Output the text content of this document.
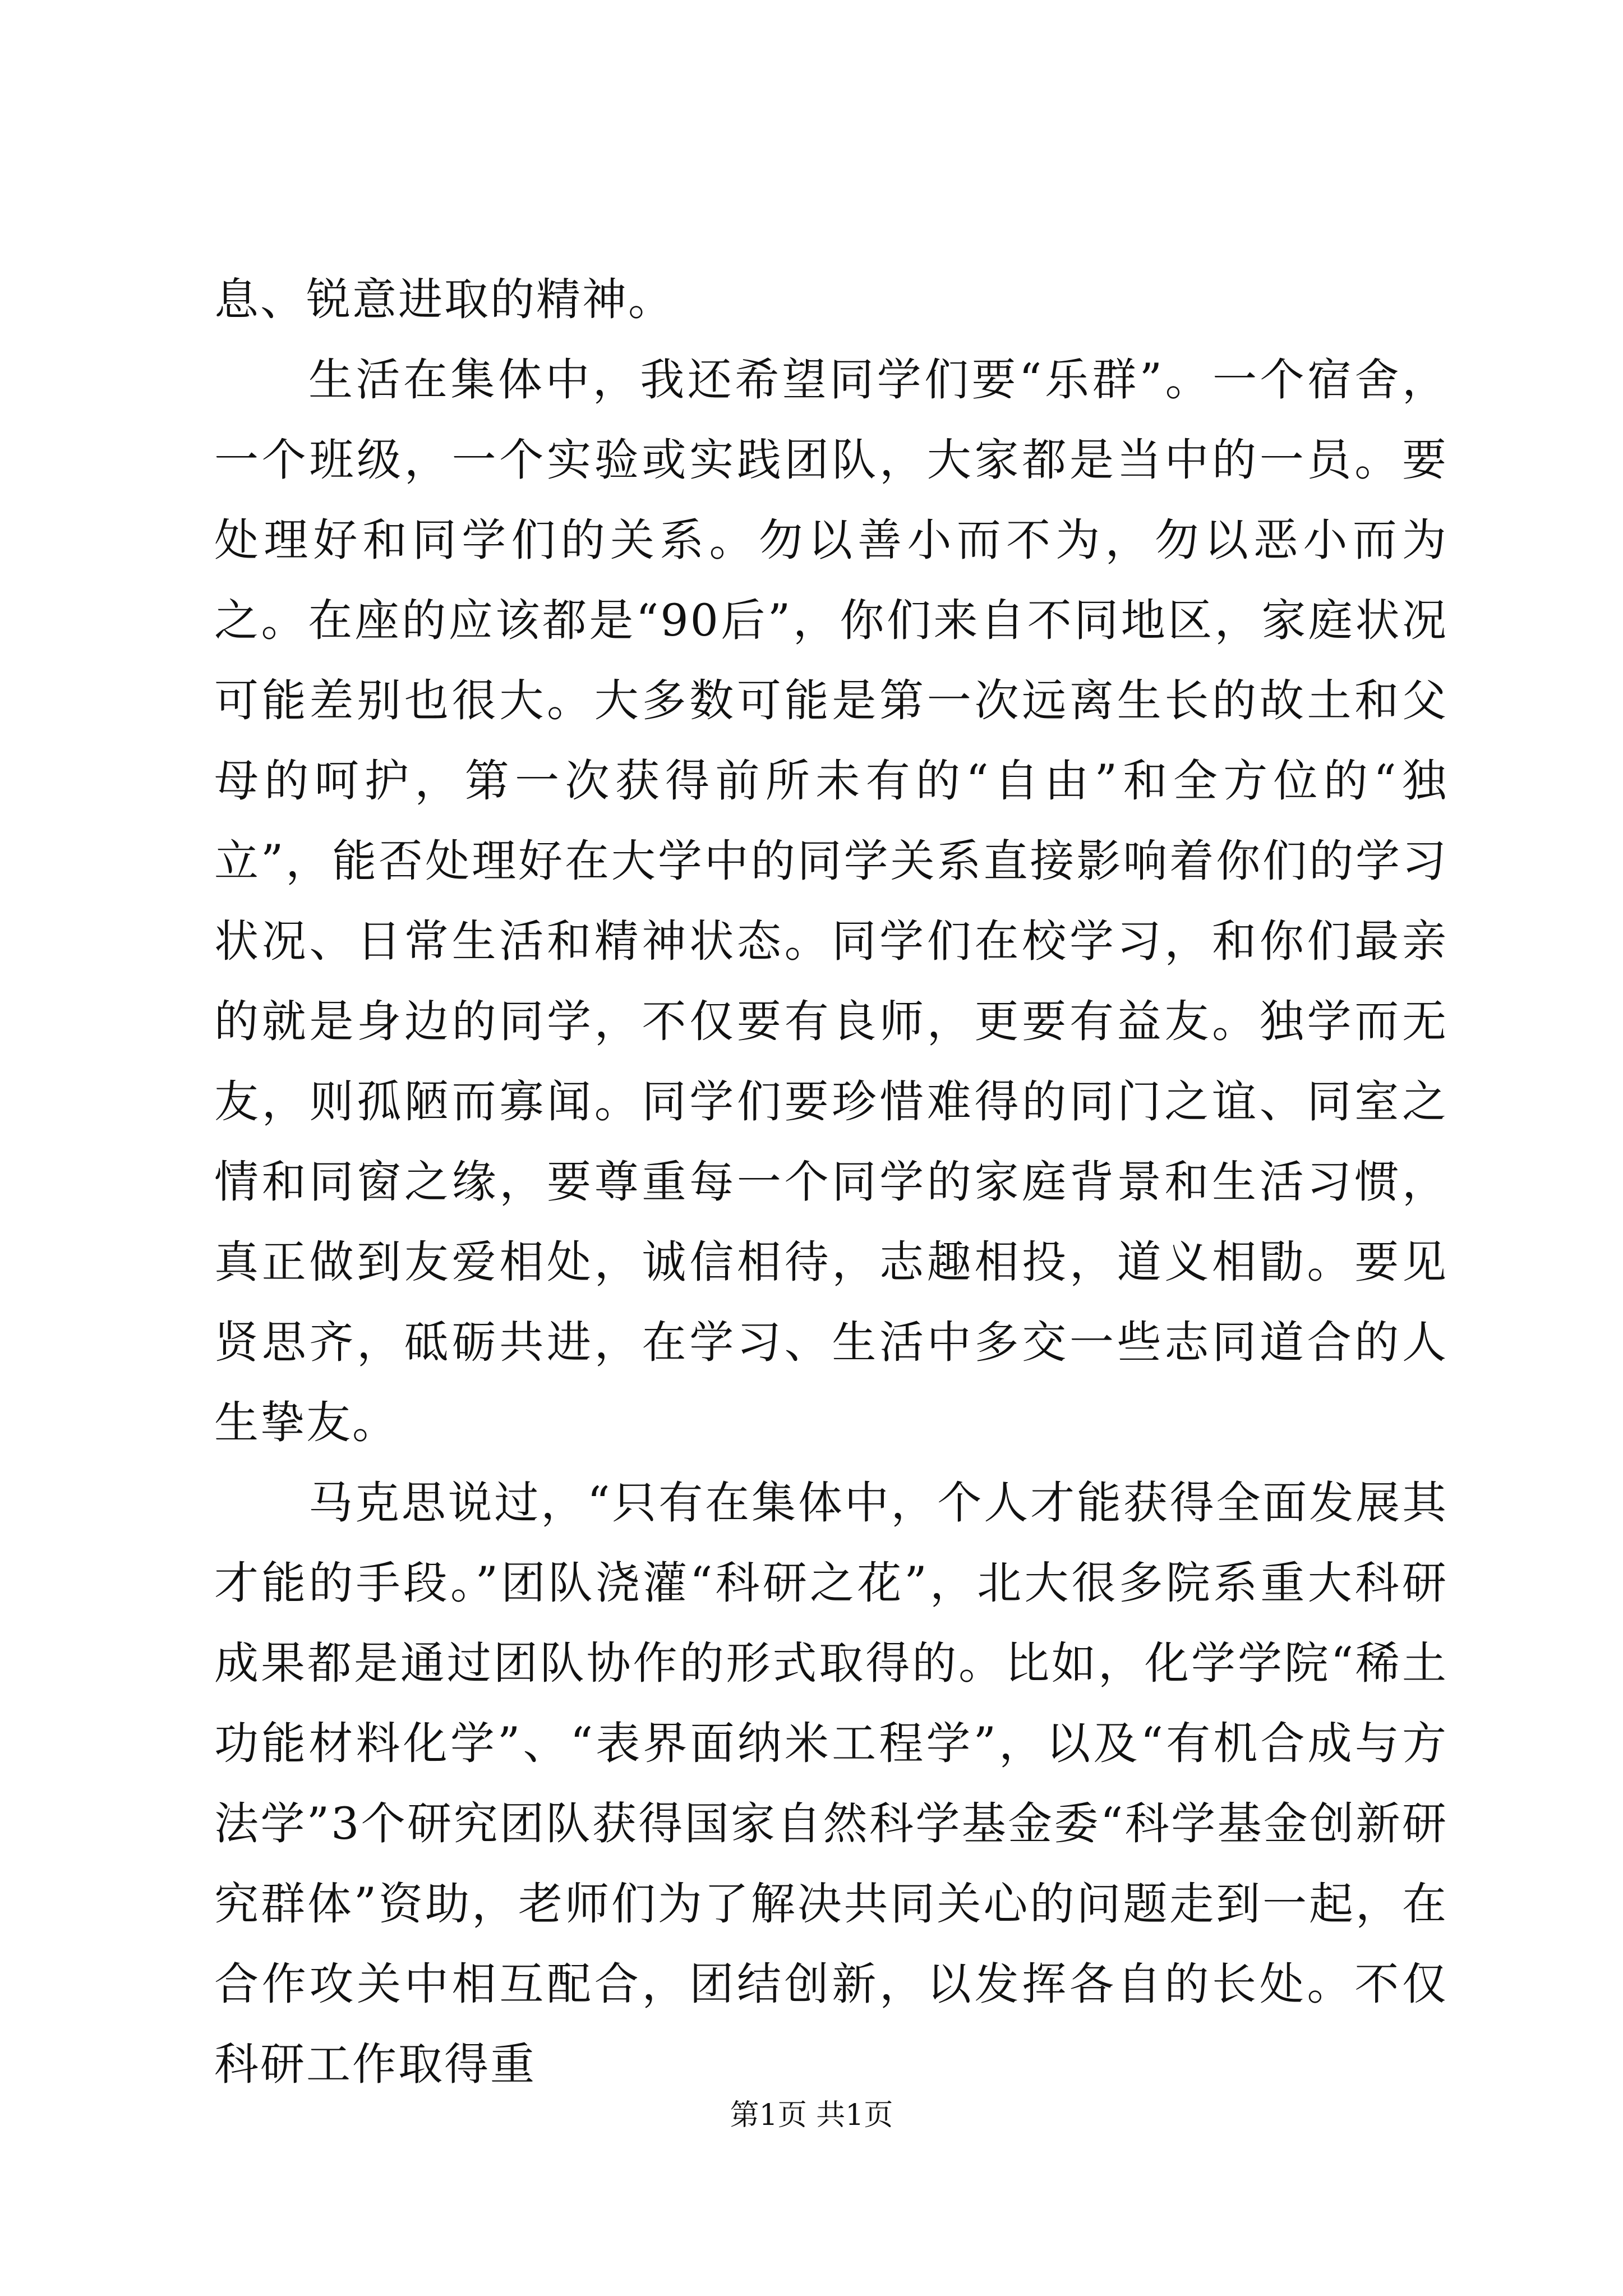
息、锐意进取的精神。

生活在集体中，我还希望同学们要“乐群”。一个宿舍，一个班级，一个实验或实践团队，大家都是当中的一员。要处理好和同学们的关系。勿以善小而不为，勿以恶小而为之。在座的应该都是“90后”，你们来自不同地区，家庭状况可能差别也很大。大多数可能是第一次远离生长的故土和父母的呵护，第一次获得前所未有的“自由”和全方位的“独立”，能否处理好在大学中的同学关系直接影响着你们的学习状况、日常生活和精神状态。同学们在校学习，和你们最亲的就是身边的同学，不仅要有良师，更要有益友。独学而无友，则孤陋而寡闻。同学们要珍惜难得的同门之谊、同室之情和同窗之缘，要尊重每一个同学的家庭背景和生活习惯，真正做到友爱相处，诚信相待，志趣相投，道义相勖。要见贤思齐，砥砺共进，在学习、生活中多交一些志同道合的人生挚友。

马克思说过，“只有在集体中，个人才能获得全面发展其才能的手段。”团队浇灌“科研之花”，北大很多院系重大科研成果都是通过团队协作的形式取得的。比如，化学学院“稀土功能材料化学”、“表界面纳米工程学”，以及“有机合成与方法学”3个研究团队获得国家自然科学基金委“科学基金创新研究群体”资助，老师们为了解决共同关心的问题走到一起，在合作攻关中相互配合，团结创新，以发挥各自的长处。不仅科研工作取得重

第1页 共1页
